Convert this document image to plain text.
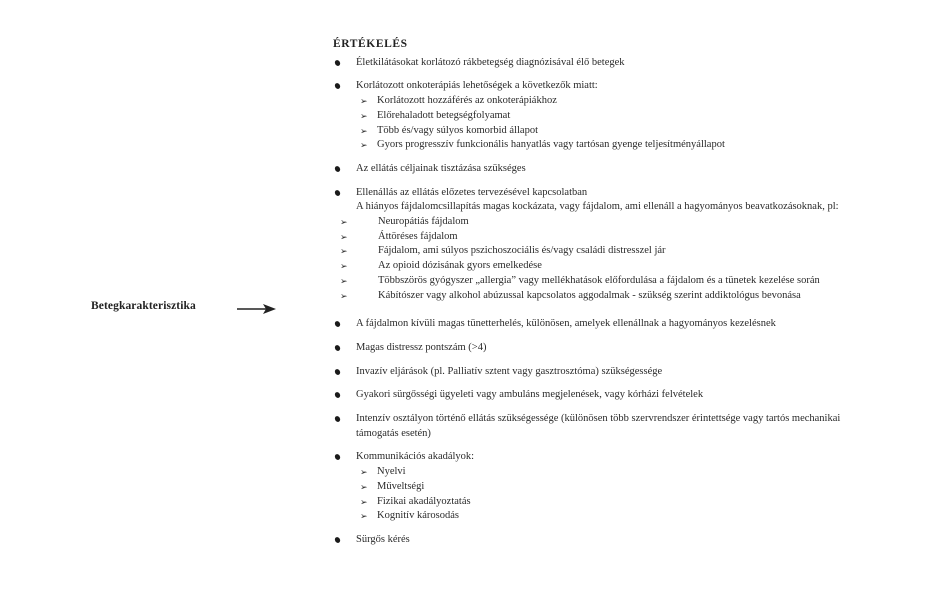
Betegkarakterisztika
ÉRTÉKELÉS
Életkilátásokat korlátozó rákbetegség diagnózisával élő betegek
Korlátozott onkoterápiás lehetőségek a következők miatt:
➢ Korlátozott hozzáférés az onkoterápiákhoz
➢ Előrehaladott betegségfolyamat
➢ Több és/vagy súlyos komorbid állapot
➢ Gyors progresszív funkcionális hanyatlás vagy tartósan gyenge teljesítményállapot
Az ellátás céljainak tisztázása szükséges
Ellenállás az ellátás előzetes tervezésével kapcsolatban
A hiányos fájdalomcsillapítás magas kockázata, vagy fájdalom, ami ellenáll a hagyományos beavatkozásoknak, pl:
➢	Neuropátiás fájdalom
➢	Áttöréses fájdalom
➢	Fájdalom, ami súlyos pszichoszociális és/vagy családi distresszel jár
➢	Az opioid dózisának gyors emelkedése
➢	Többszörös gyógyszer „allergia” vagy mellékhatások előfordulása a fájdalom és a tünetek kezelése során
➢	Kábítószer vagy alkohol abúzussal kapcsolatos aggodalmak - szükség szerint addiktológus bevonása
A fájdalmon kívüli magas tünetterhelés, különösen, amelyek ellenállnak a hagyományos kezelésnek
Magas distressz pontszám (>4)
Invazív eljárások (pl. Palliatív sztent vagy gasztrosztóma) szükségessége
Gyakori sürgősségi ügyeleti vagy ambuláns megjelenések, vagy kórházi felvételek
Intenzív osztályon történő ellátás szükségessége (különösen több szervrendszer érintettsége vagy tartós mechanikai
támogatás esetén)
Kommunikációs akadályok:
➢ Nyelvi
➢ Műveltségi
➢ Fizikai akadályoztatás
➢ Kognitív károsodás
Sürgős kérés
